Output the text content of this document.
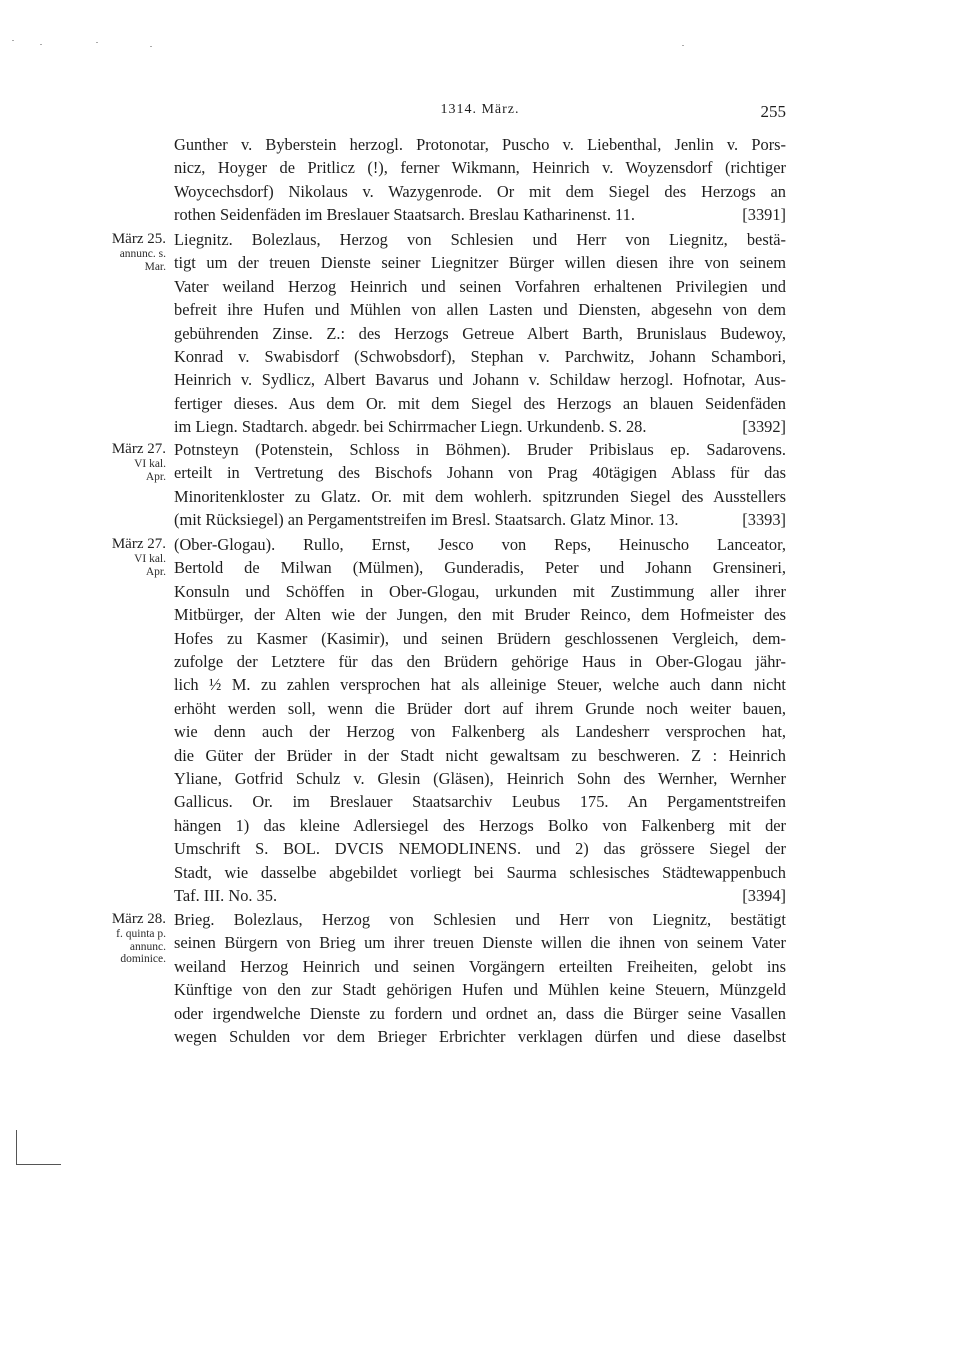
1314. März.	255
Gunther v. Byberstein herzogl. Protonotar, Puscho v. Liebenthal, Jenlin v. Pors-
nicz, Hoyger de Pritlicz (!), ferner Wikmann, Heinrich v. Woyzensdorf (richtiger
Woycechsdorf) Nikolaus v. Wazygenrode. Or mit dem Siegel des Herzogs an
rothen Seidenfäden im Breslauer Staatsarch. Breslau Katharinenst. 11.	[3391]
März 25.
annunc. s.
Mar.
Liegnitz. Bolezlaus, Herzog von Schlesien und Herr von Liegnitz, bestä-
tigt um der treuen Dienste seiner Liegnitzer Bürger willen diesen ihre von seinem
Vater weiland Herzog Heinrich und seinen Vorfahren erhaltenen Privilegien und
befreit ihre Hufen und Mühlen von allen Lasten und Diensten, abgesehn von dem
gebührenden Zinse. Z.: des Herzogs Getreue Albert Barth, Brunislaus Budewoy,
Konrad v. Swabisdorf (Schwobsdorf), Stephan v. Parchwitz, Johann Schambori,
Heinrich v. Sydlicz, Albert Bavarus und Johann v. Schildaw herzogl. Hofnotar, Aus-
fertiger dieses. Aus dem Or. mit dem Siegel des Herzogs an blauen Seidenfäden
im Liegn. Stadtarch. abgedr. bei Schirrmacher Liegn. Urkundenb. S. 28.	[3392]
März 27.
VI kal.
Apr.
Potnsteyn (Potenstein, Schloss in Böhmen). Bruder Pribislaus ep. Sadarovens.
erteilt in Vertretung des Bischofs Johann von Prag 40tägigen Ablass für das
Minoritenkloster zu Glatz. Or. mit dem wohlerh. spitzrunden Siegel des Ausstellers
(mit Rücksiegel) an Pergamentstreifen im Bresl. Staatsarch. Glatz Minor. 13.	[3393]
März 27.
VI kal.
Apr.
(Ober-Glogau). Rullo, Ernst, Jesco von Reps, Heinuscho Lanceator,
Bertold de Milwan (Mülmen), Gunderadis, Peter und Johann Grensineri,
Konsuln und Schöffen in Ober-Glogau, urkunden mit Zustimmung aller ihrer
Mitbürger, der Alten wie der Jungen, den mit Bruder Reinco, dem Hofmeister des
Hofes zu Kasmer (Kasimir), und seinen Brüdern geschlossenen Vergleich, dem-
zufolge der Letztere für das den Brüdern gehörige Haus in Ober-Glogau jähr-
lich ½ M. zu zahlen versprochen hat als alleinige Steuer, welche auch dann nicht
erhöht werden soll, wenn die Brüder dort auf ihrem Grunde noch weiter bauen,
wie denn auch der Herzog von Falkenberg als Landesherr versprochen hat,
die Güter der Brüder in der Stadt nicht gewaltsam zu beschweren. Z : Heinrich
Yliane, Gotfrid Schulz v. Glesin (Gläsen), Heinrich Sohn des Wernher, Wernher
Gallicus. Or. im Breslauer Staatsarchiv Leubus 175. An Pergamentstreifen
hängen 1) das kleine Adlersiegel des Herzogs Bolko von Falkenberg mit der
Umschrift S. BOL. DVCIS NEMODLINENS. und 2) das grössere Siegel der
Stadt, wie dasselbe abgebildet vorliegt bei Saurma schlesisches Städtewappenbuch
Taf. III. No. 35.	[3394]
März 28.
f. quinta p.
annunc.
dominice.
Brieg. Bolezlaus, Herzog von Schlesien und Herr von Liegnitz, bestätigt
seinen Bürgern von Brieg um ihrer treuen Dienste willen die ihnen von seinem Vater
weiland Herzog Heinrich und seinen Vorgängern erteilten Freiheiten, gelobt ins
Künftige von den zur Stadt gehörigen Hufen und Mühlen keine Steuern, Münzgeld
oder irgendwelche Dienste zu fordern und ordnet an, dass die Bürger seine Vasallen
wegen Schulden vor dem Brieger Erbrichter verklagen dürfen und diese daselbst
